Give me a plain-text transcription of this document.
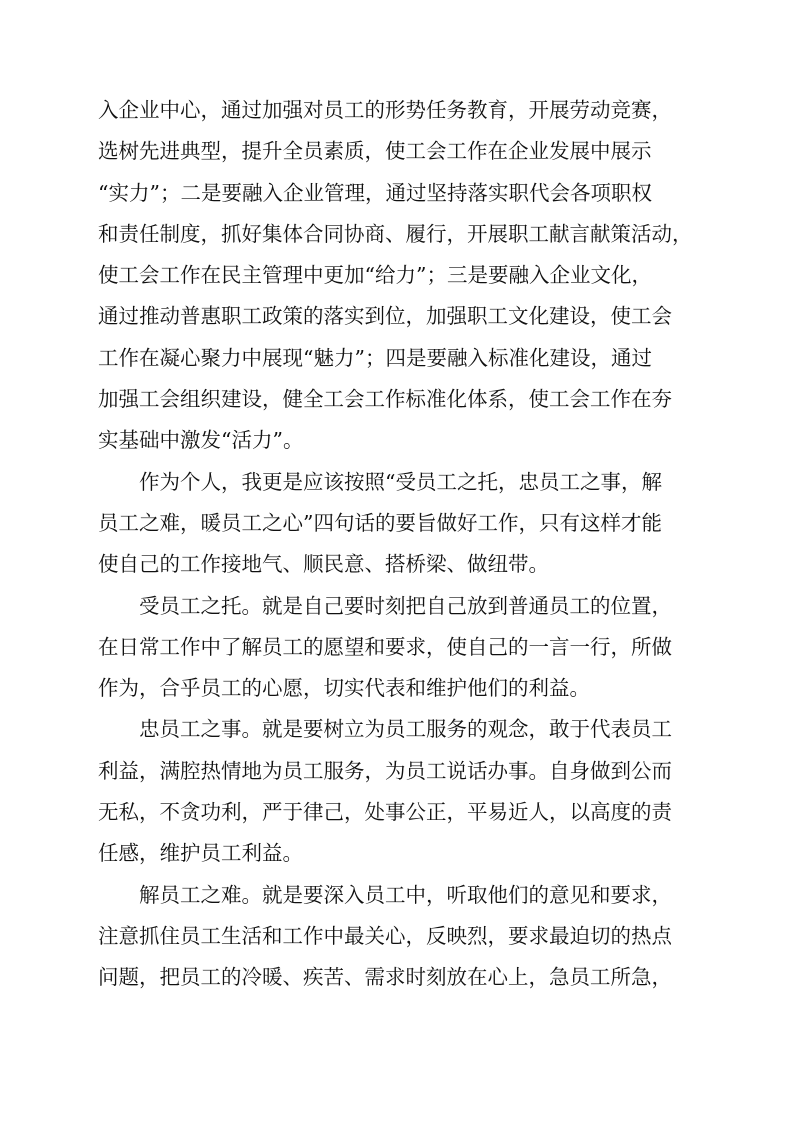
入企业中心，通过加强对员工的形势任务教育，开展劳动竞赛，
选树先进典型，提升全员素质，使工会工作在企业发展中展示
“实力”；二是要融入企业管理，通过坚持落实职代会各项职权
和责任制度，抓好集体合同协商、履行，开展职工献言献策活动，
使工会工作在民主管理中更加“给力”；三是要融入企业文化，
通过推动普惠职工政策的落实到位，加强职工文化建设，使工会
工作在凝心聚力中展现“魅力”；四是要融入标准化建设，通过
加强工会组织建设，健全工会工作标准化体系，使工会工作在夯
实基础中激发“活力”。
作为个人，我更是应该按照“受员工之托，忠员工之事，解
员工之难，暖员工之心”四句话的要旨做好工作，只有这样才能
使自己的工作接地气、顺民意、搭桥梁、做纽带。
受员工之托。就是自己要时刻把自己放到普通员工的位置，
在日常工作中了解员工的愿望和要求，使自己的一言一行，所做
作为，合乎员工的心愿，切实代表和维护他们的利益。
忠员工之事。就是要树立为员工服务的观念，敢于代表员工
利益，满腔热情地为员工服务，为员工说话办事。自身做到公而
无私，不贪功利，严于律己，处事公正，平易近人，以高度的责
任感，维护员工利益。
解员工之难。就是要深入员工中，听取他们的意见和要求，
注意抓住员工生活和工作中最关心，反映烈，要求最迫切的热点
问题，把员工的冷暖、疾苦、需求时刻放在心上，急员工所急，
